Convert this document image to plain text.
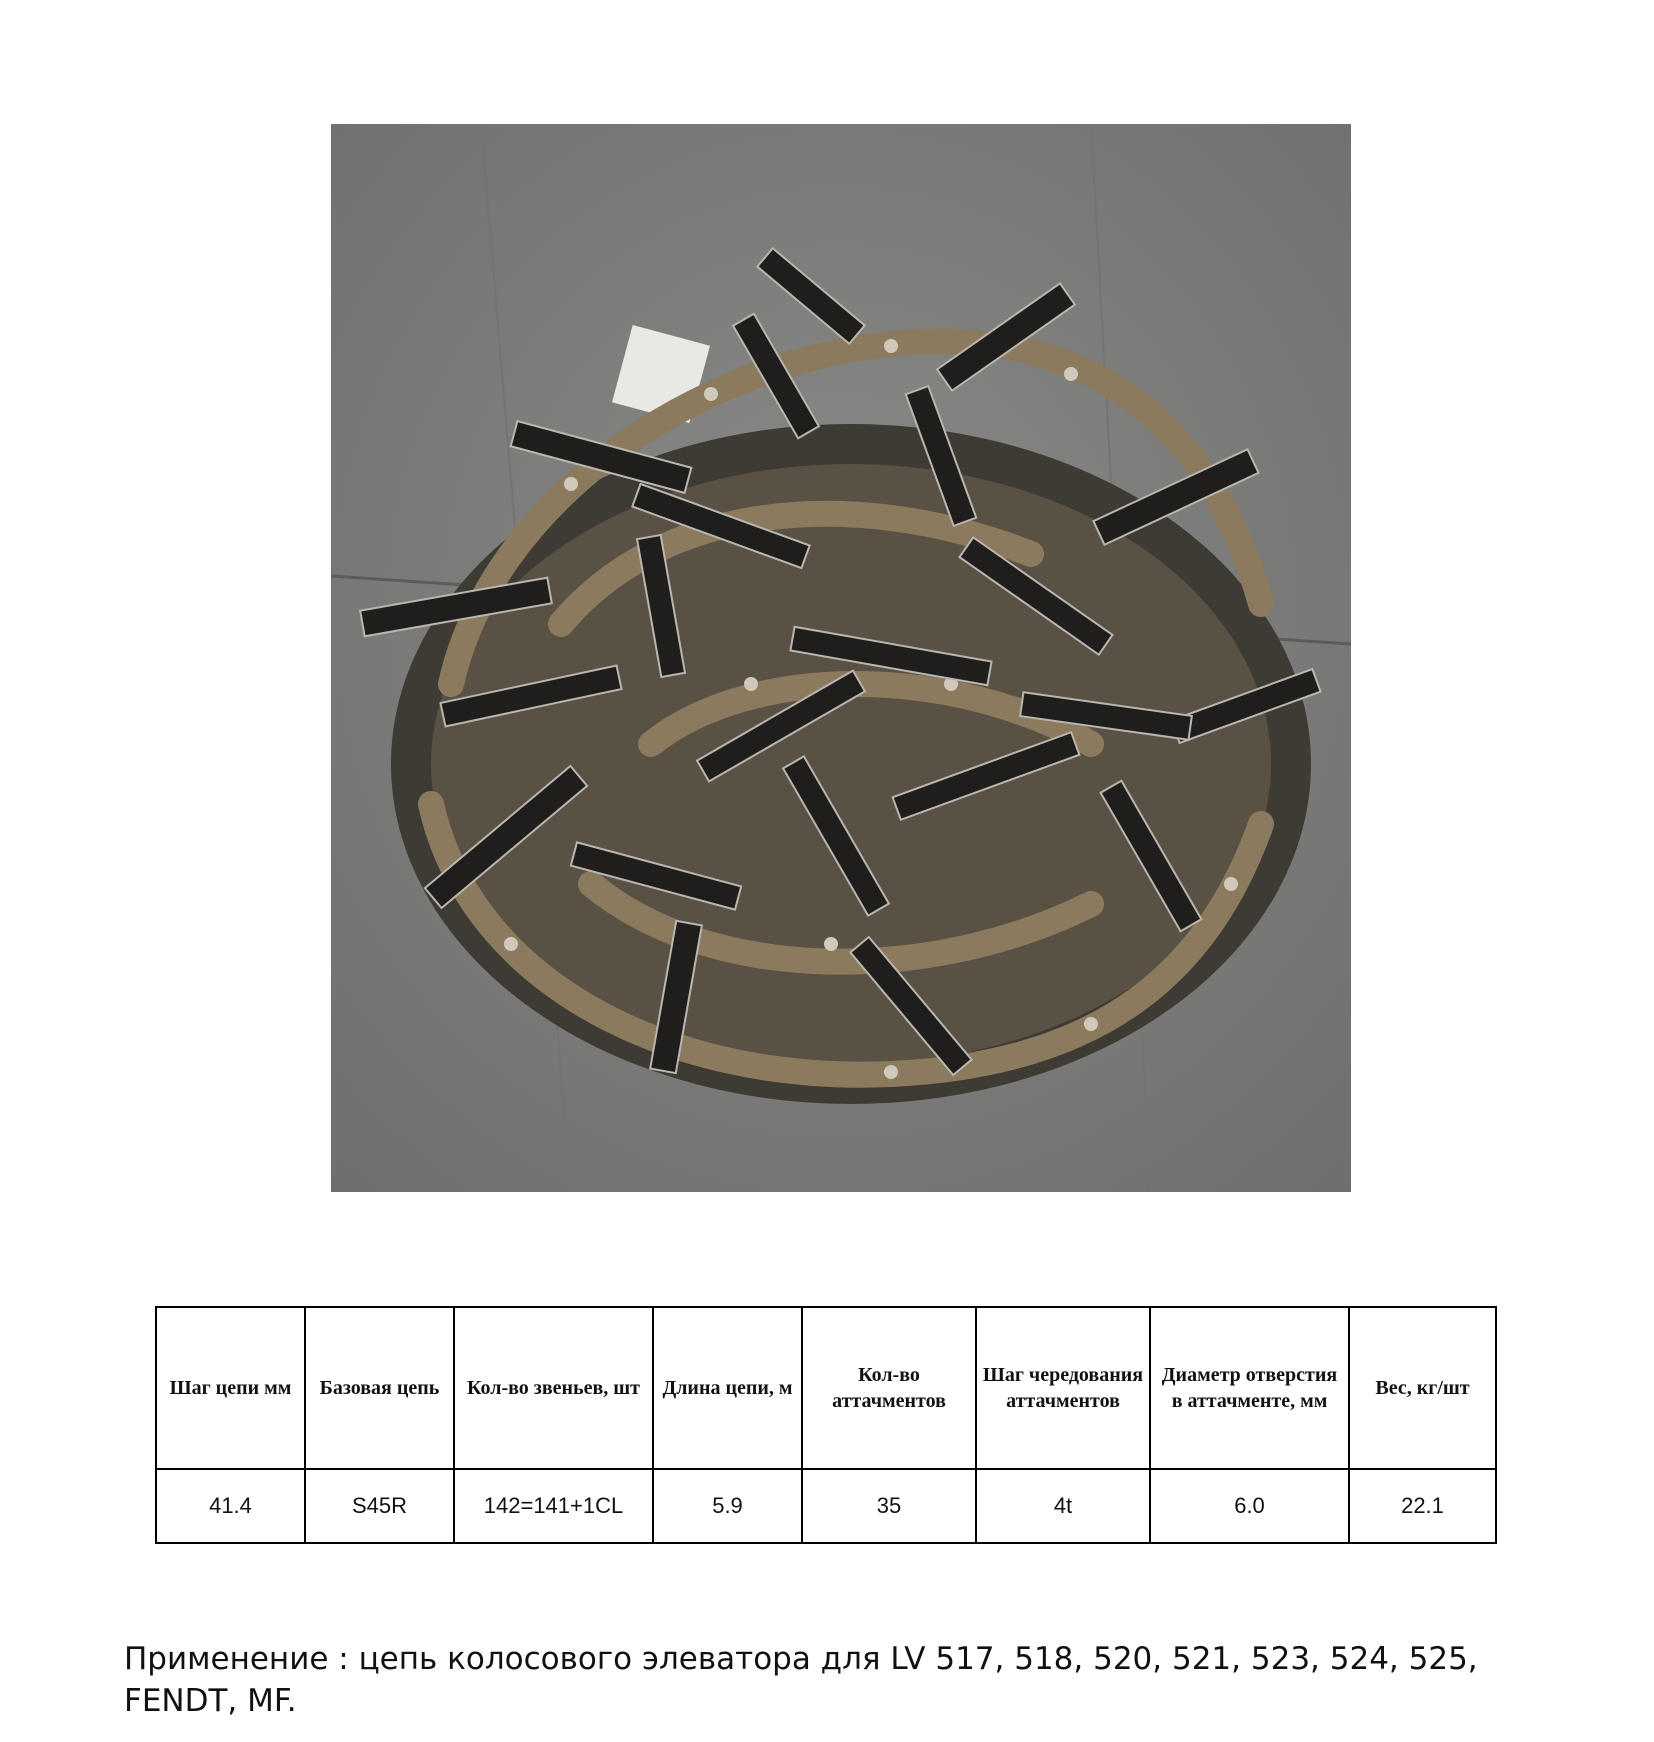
Шаг цепи мм	Базовая цепь	Кол-во звеньев, шт	Длина цепи, м	Кол-во аттачментов	Шаг чередования аттачментов	Диаметр отверстия в аттачменте, мм	Вес, кг/шт
41.4	S45R	142=141+1CL	5.9	35	4t	6.0	22.1
Применение : цепь колосового элеватора для LV 517, 518, 520, 521, 523, 524, 525, FENDT, MF.
